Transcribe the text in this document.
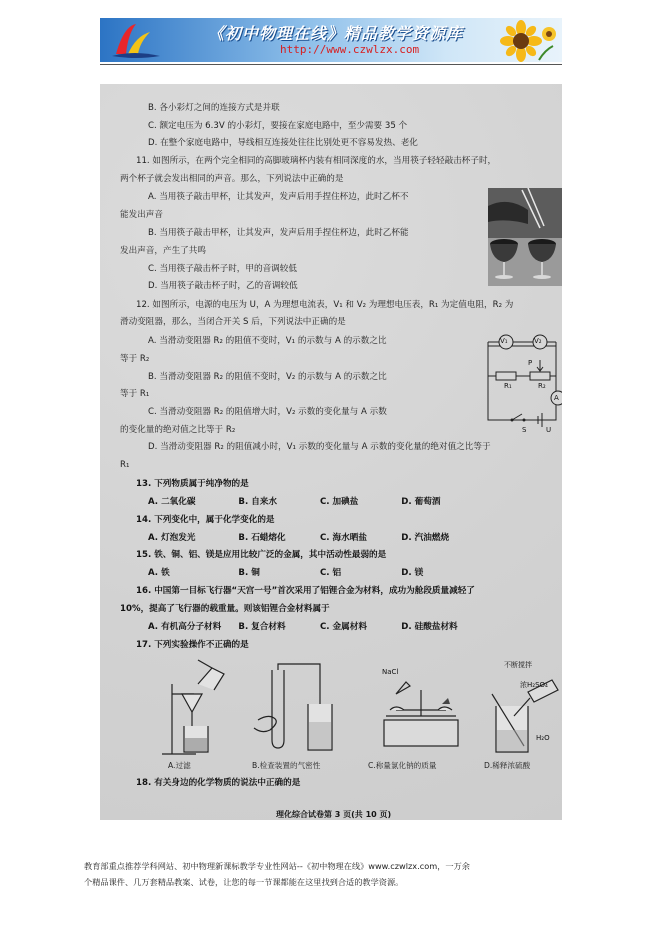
《初中物理在线》精品教学资源库
http://www.czwlzx.com
B. 各小彩灯之间的连接方式是并联
C. 额定电压为 6.3V 的小彩灯，要接在家庭电路中，至少需要 35 个
D. 在整个家庭电路中，导线相互连接处往往比别处更不容易发热、老化
11. 如图所示，在两个完全相同的高脚玻璃杯内装有相同深度的水，当用筷子轻轻敲击杯子时，
两个杯子就会发出相同的声音。那么，下列说法中正确的是
A. 当用筷子敲击甲杯，让其发声，发声后用手捏住杯边，此时乙杯不
能发出声音
B. 当用筷子敲击甲杯，让其发声，发声后用手捏住杯边，此时乙杯能
发出声音，产生了共鸣
C. 当用筷子敲击杯子时，甲的音调较低
D. 当用筷子敲击杯子时，乙的音调较低
12. 如图所示，电源的电压为 U，A 为理想电流表，V₁ 和 V₂ 为理想电压表，R₁ 为定值电阻，R₂ 为
滑动变阻器，那么，当闭合开关 S 后，下列说法中正确的是
A. 当滑动变阻器 R₂ 的阻值不变时，V₁ 的示数与 A 的示数之比
等于 R₂
B. 当滑动变阻器 R₂ 的阻值不变时，V₂ 的示数与 A 的示数之比
等于 R₁
C. 当滑动变阻器 R₂ 的阻值增大时，V₂ 示数的变化量与 A 示数
的变化量的绝对值之比等于 R₂
D. 当滑动变阻器 R₂ 的阻值减小时，V₁ 示数的变化量与 A 示数的变化量的绝对值之比等于
R₁
13. 下列物质属于纯净物的是
A. 二氧化碳　　　　　B. 自来水　　　　　C. 加碘盐　　　　　D. 葡萄酒
14. 下列变化中，属于化学变化的是
A. 灯泡发光　　　　　B. 石蜡熔化　　　　C. 海水晒盐　　　　D. 汽油燃烧
15. 铁、铜、铝、镁是应用比较广泛的金属，其中活动性最弱的是
A. 铁　　　　　　　　B. 铜　　　　　　　C. 铝　　　　　　　D. 镁
16. 中国第一目标飞行器“天宫一号”首次采用了铝锂合金为材料，成功为舱段质量减轻了
10%，提高了飞行器的载重量。则该铝锂合金材料属于
A. 有机高分子材料　　B. 复合材料　　　　C. 金属材料　　　　D. 硅酸盐材料
17. 下列实验操作不正确的是
18. 有关身边的化学物质的说法中正确的是
V₁	V₂
P
R₁	R₂
A
S	U
NaCl
不断搅拌
浓H₂SO₄
H₂O
A.过滤	B.检查装置的气密性	C.称量氯化钠的质量	D.稀释浓硫酸
理化综合试卷第 3 页(共 10 页)
教育部重点推荐学科网站、初中物理新课标教学专业性网站--《初中物理在线》www.czwlzx.com，一万余
个精品课件、几万套精品教案、试卷，让您的每一节课都能在这里找到合适的教学资源。
